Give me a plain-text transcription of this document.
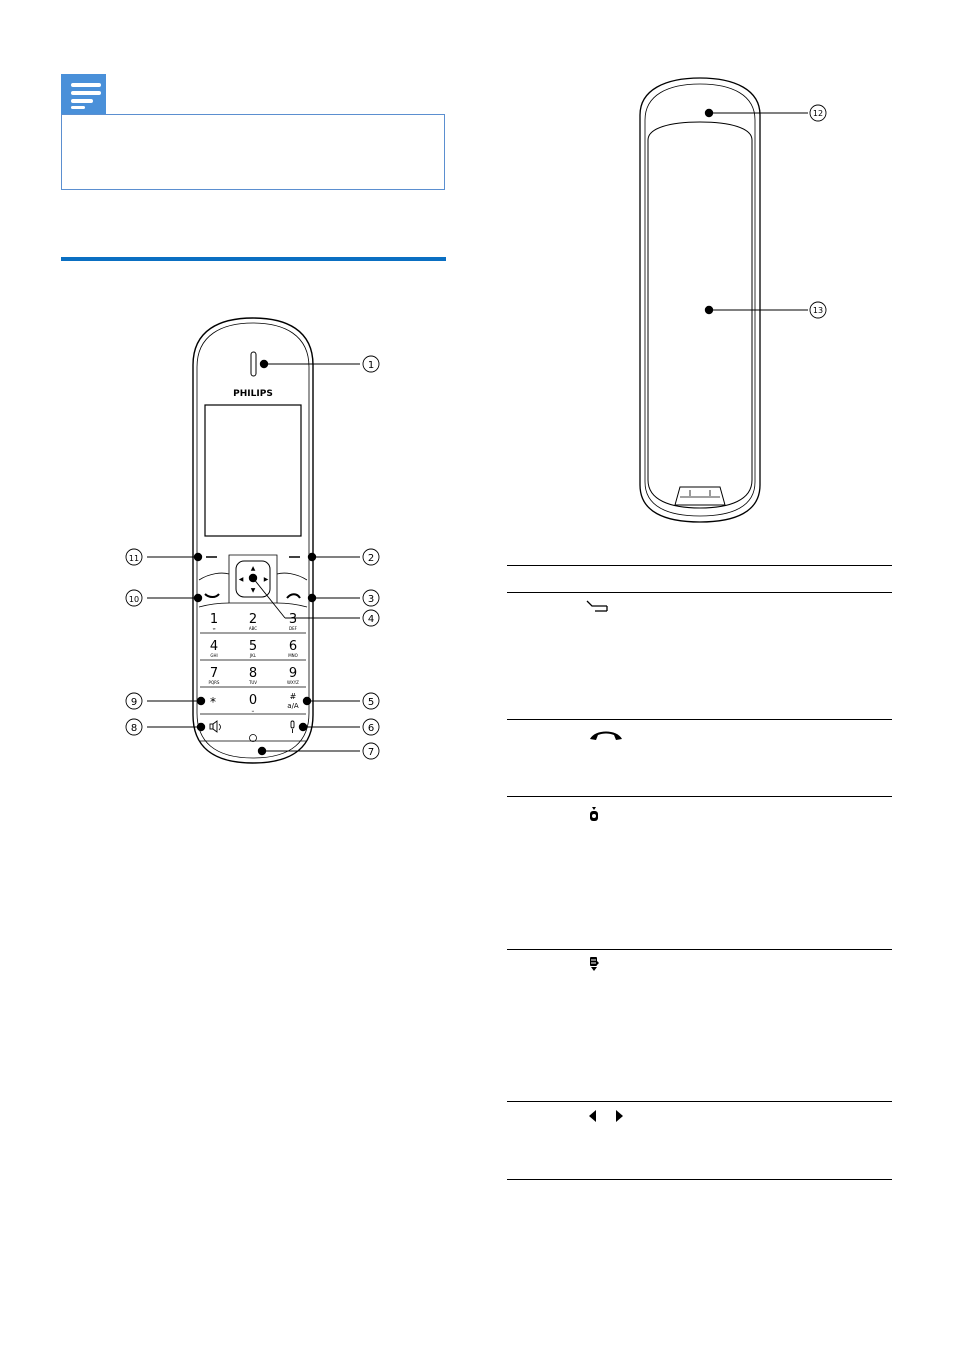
PHILIPS
▲
▼
◀	▶
1
∞
2
ABC
3
DEF
4
GHI
5
JKL
6
MNO
7
PQRS
8
TUV
9
WXYZ
*	0
␣
#
a/A
1
2
3
4
5
6
7
8
9
10
11
12
13
